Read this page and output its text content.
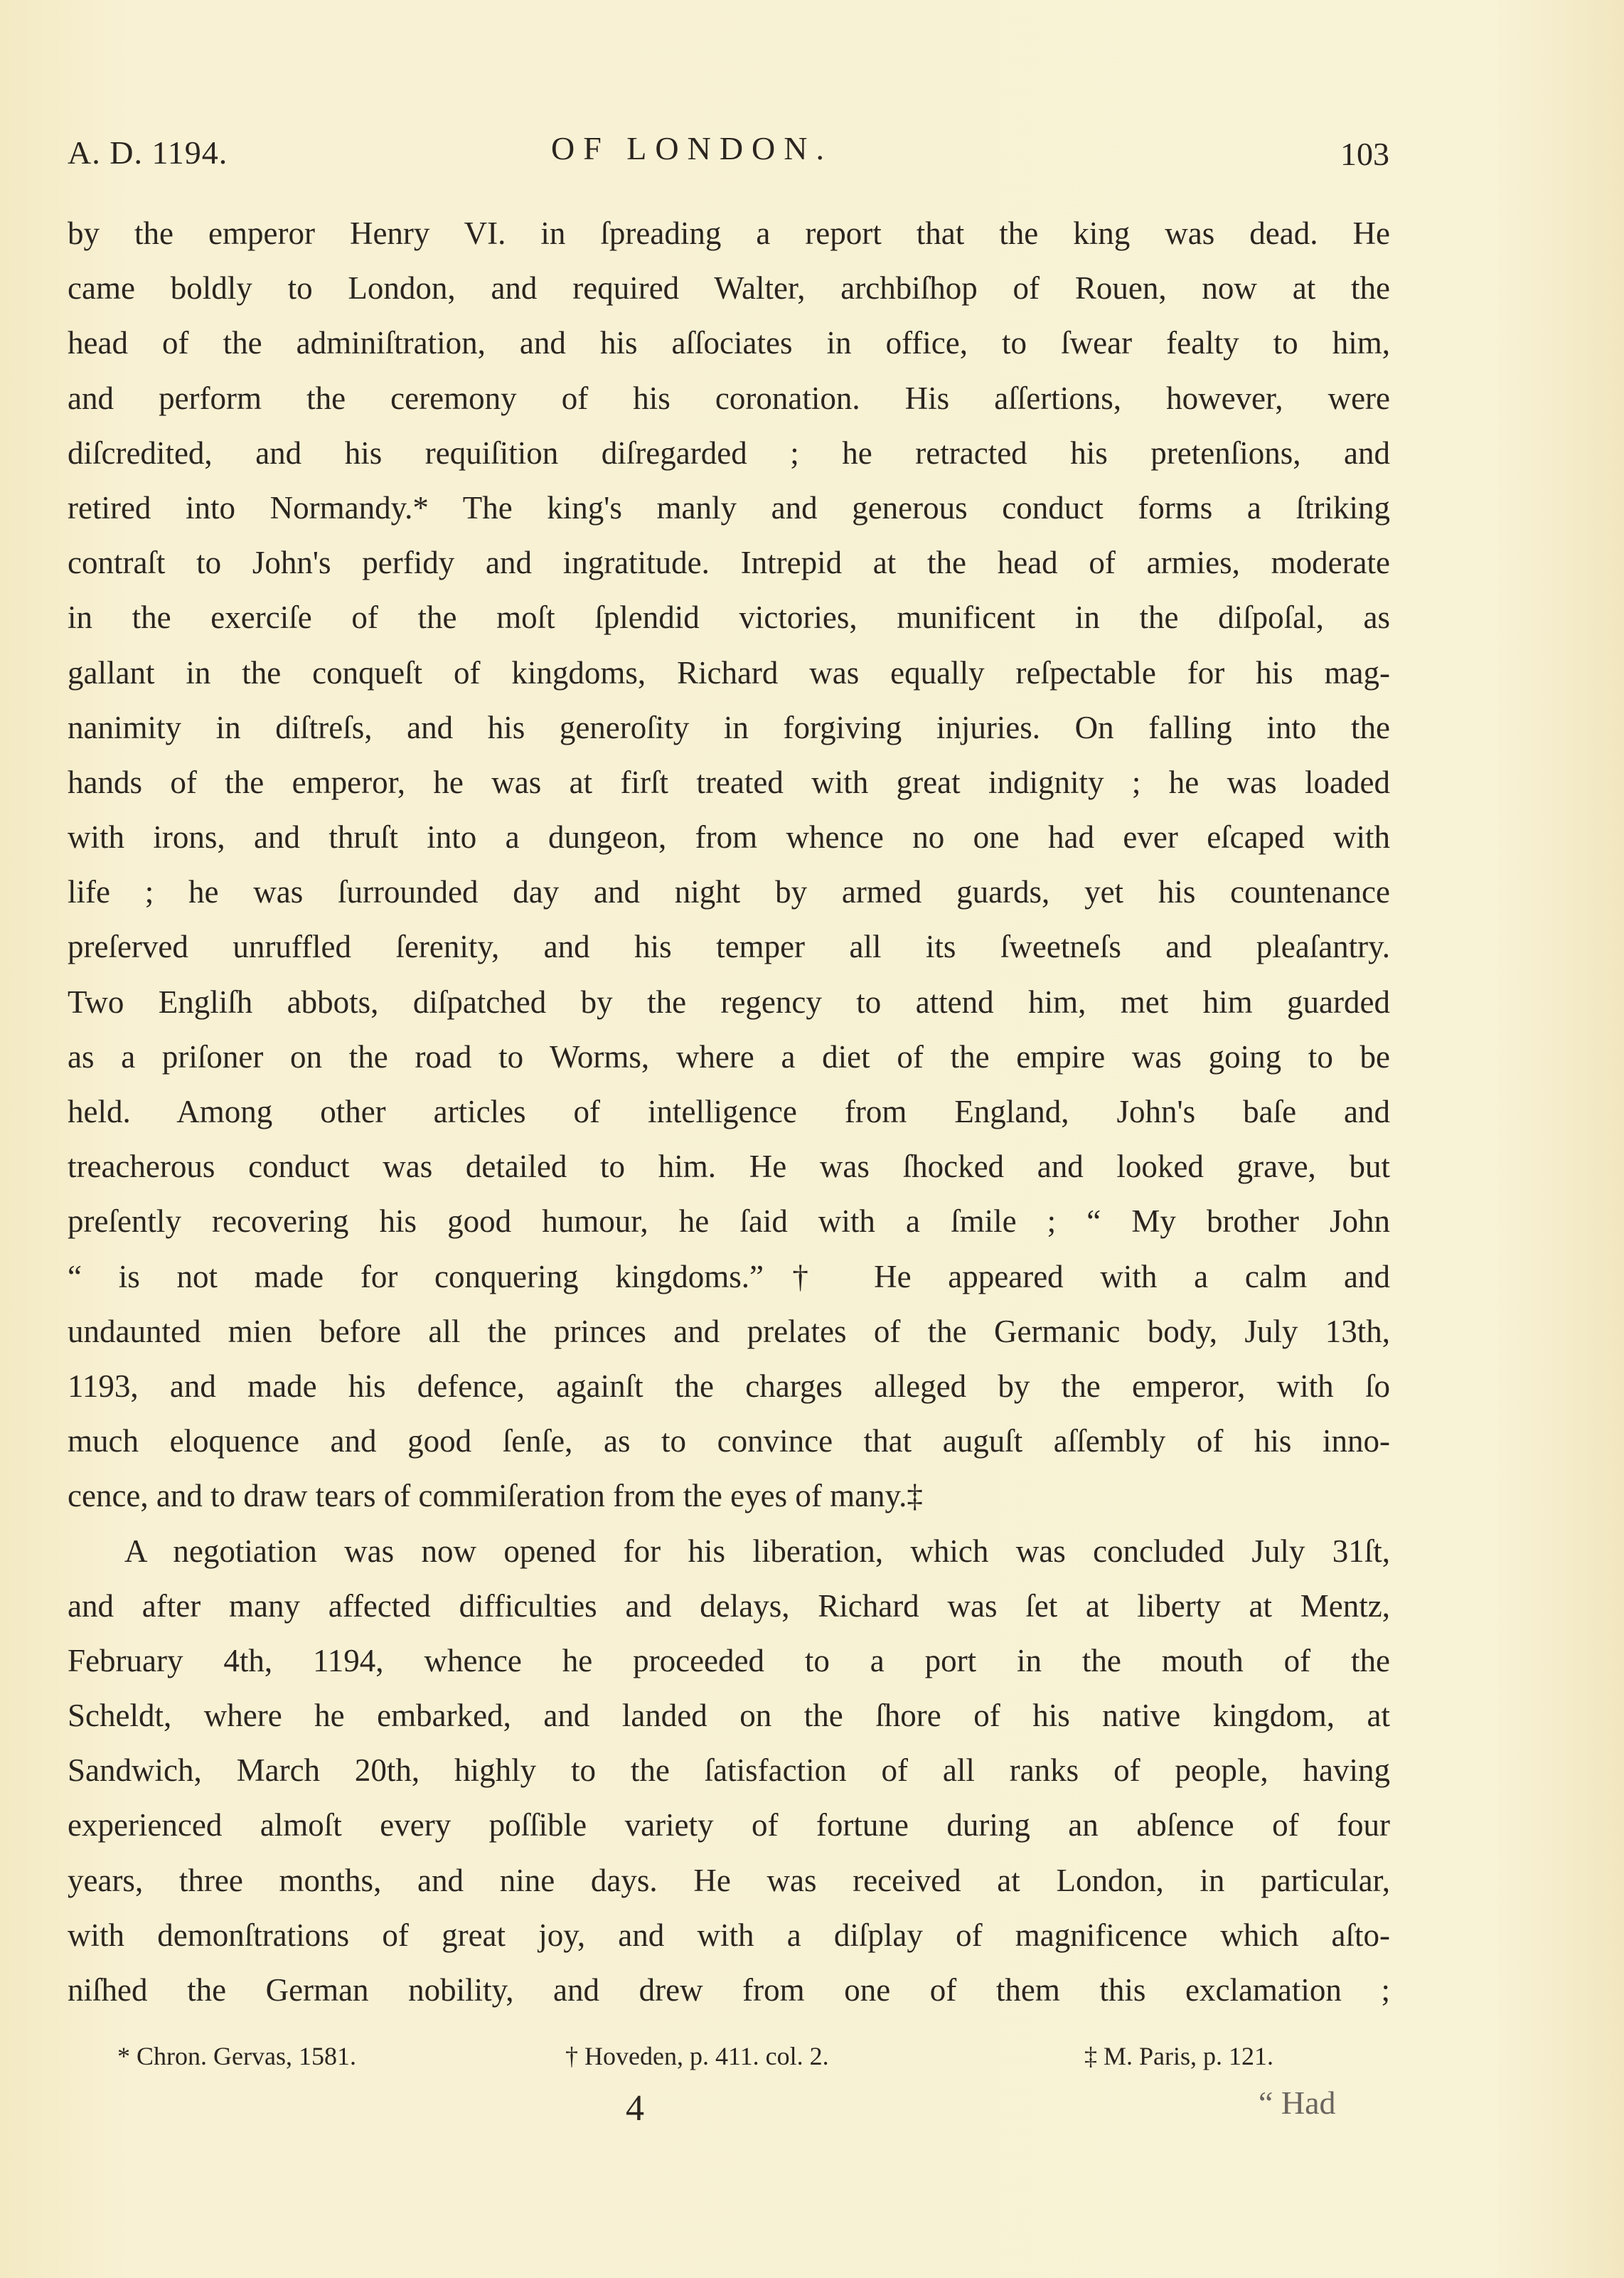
A. D. 1194.	OF LONDON.	103
by the emperor Henry VI. in ſpreading a report that the king was dead. He
came boldly to London, and required Walter, archbiſhop of Rouen, now at the
head of the adminiſtration, and his aſſociates in office, to ſwear fealty to him,
and perform the ceremony of his coronation. His aſſertions, however, were
diſcredited, and his requiſition diſregarded ; he retracted his pretenſions, and
retired into Normandy.* The king's manly and generous conduct forms a ſtriking
contraſt to John's perfidy and ingratitude. Intrepid at the head of armies, moderate
in the exerciſe of the moſt ſplendid victories, munificent in the diſpoſal, as
gallant in the conqueſt of kingdoms, Richard was equally reſpectable for his mag-
nanimity in diſtreſs, and his generoſity in forgiving injuries. On falling into the
hands of the emperor, he was at firſt treated with great indignity ; he was loaded
with irons, and thruſt into a dungeon, from whence no one had ever eſcaped with
life ; he was ſurrounded day and night by armed guards, yet his countenance
preſerved unruffled ſerenity, and his temper all its ſweetneſs and pleaſantry.
Two Engliſh abbots, diſpatched by the regency to attend him, met him guarded
as a priſoner on the road to Worms, where a diet of the empire was going to be
held. Among other articles of intelligence from England, John's baſe and
treacherous conduct was detailed to him. He was ſhocked and looked grave, but
preſently recovering his good humour, he ſaid with a ſmile ; “ My brother John
“ is not made for conquering kingdoms.”† He appeared with a calm and
undaunted mien before all the princes and prelates of the Germanic body, July 13th,
1193, and made his defence, againſt the charges alleged by the emperor, with ſo
much eloquence and good ſenſe, as to convince that auguſt aſſembly of his inno-
cence, and to draw tears of commiſeration from the eyes of many.‡
A negotiation was now opened for his liberation, which was concluded July 31ſt,
and after many affected difficulties and delays, Richard was ſet at liberty at Mentz,
February 4th, 1194, whence he proceeded to a port in the mouth of the
Scheldt, where he embarked, and landed on the ſhore of his native kingdom, at
Sandwich, March 20th, highly to the ſatisfaction of all ranks of people, having
experienced almoſt every poſſible variety of fortune during an abſence of four
years, three months, and nine days. He was received at London, in particular,
with demonſtrations of great joy, and with a diſplay of magnificence which aſto-
niſhed the German nobility, and drew from one of them this exclamation ;
* Chron. Gervas, 1581.	† Hoveden, p. 411. col. 2.	‡ M. Paris, p. 121.
4	“ Had
